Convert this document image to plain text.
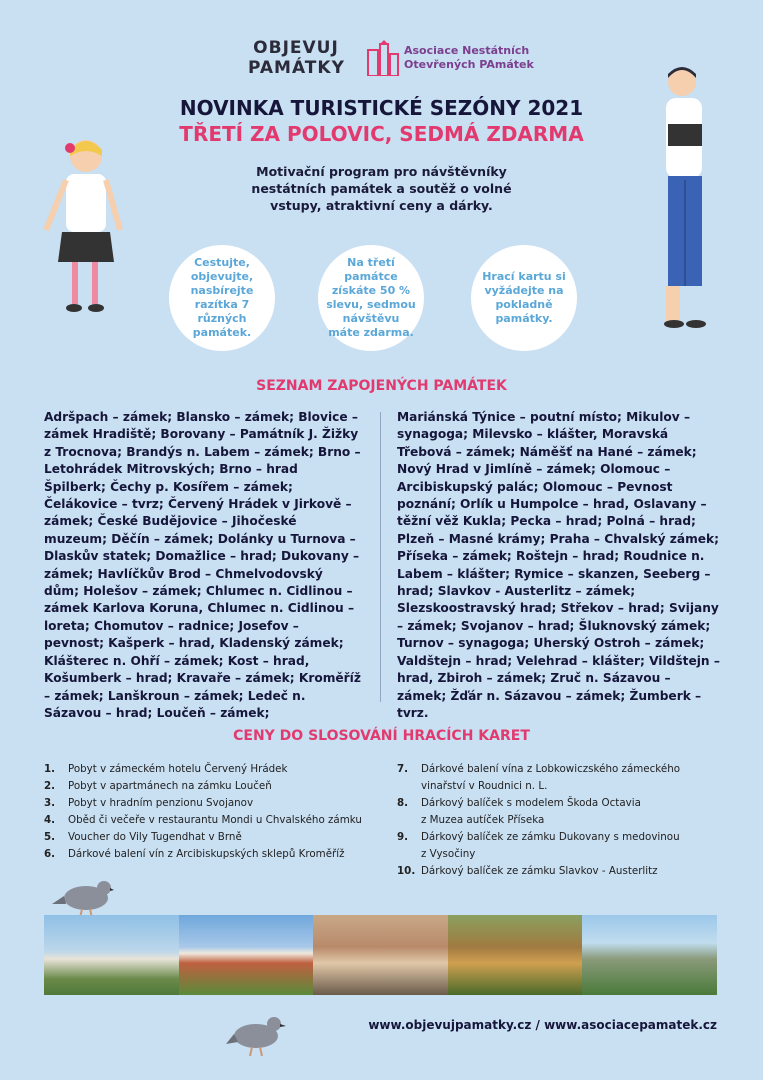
OBJEVUJ
PAMÁTKY
Asociace Nestátních
Otevřených PAmátek
NOVINKA TURISTICKÉ SEZÓNY 2021
TŘETÍ ZA POLOVIC, SEDMÁ ZDARMA
Motivační program pro návštěvníky nestátních památek a soutěž o volné vstupy, atraktivní ceny a dárky.
Cestujte, objevujte, nasbírejte razítka 7 různých památek.
Na třetí památce získáte 50 % slevu, sedmou návštěvu máte zdarma.
Hrací kartu si vyžádejte na pokladně památky.
SEZNAM ZAPOJENÝCH PAMÁTEK
Adršpach – zámek; Blansko – zámek; Blovice – zámek Hradiště; Borovany – Památník J. Žižky z Trocnova; Brandýs n. Labem – zámek; Brno – Letohrádek Mitrovských; Brno – hrad Špilberk; Čechy p. Kosířem – zámek; Čelákovice – tvrz; Červený Hrádek v Jirkově – zámek; České Budějovice – Jihočeské muzeum; Děčín – zámek; Dolánky u Turnova – Dlaskův statek; Domažlice – hrad; Dukovany – zámek; Havlíčkův Brod – Chmelvodovský dům; Holešov – zámek; Chlumec n. Cidlinou – zámek Karlova Koruna, Chlumec n. Cidlinou – loreta; Chomutov – radnice; Josefov – pevnost; Kašperk – hrad, Kladenský zámek; Klášterec n. Ohří – zámek; Kost – hrad, Košumberk – hrad; Kravaře – zámek; Kroměříž – zámek; Lanškroun – zámek; Ledeč n. Sázavou – hrad; Loučeň – zámek;
Mariánská Týnice – poutní místo; Mikulov – synagoga; Milevsko – klášter, Moravská Třebová – zámek; Náměšť na Hané – zámek; Nový Hrad v Jimlíně – zámek; Olomouc – Arcibiskupský palác; Olomouc – Pevnost poznání; Orlík u Humpolce – hrad, Oslavany – těžní věž Kukla; Pecka – hrad; Polná – hrad; Plzeň – Masné krámy; Praha – Chvalský zámek; Příseka – zámek; Roštejn – hrad; Roudnice n. Labem – klášter; Rymice – skanzen, Seeberg – hrad; Slavkov - Austerlitz – zámek; Slezskoostravský hrad; Střekov – hrad; Svijany – zámek; Svojanov – hrad; Šluknovský zámek; Turnov – synagoga; Uherský Ostroh – zámek; Valdštejn – hrad; Velehrad – klášter; Vildštejn – hrad, Zbiroh – zámek; Zruč n. Sázavou – zámek; Žďár n. Sázavou – zámek; Žumberk – tvrz.
CENY DO SLOSOVÁNÍ HRACÍCH KARET
1. Pobyt v zámeckém hotelu Červený Hrádek
2. Pobyt v apartmánech na zámku Loučeň
3. Pobyt v hradním penzionu Svojanov
4. Oběd či večeře v restaurantu Mondi u Chvalského zámku
5. Voucher do Vily Tugendhat v Brně
6. Dárkové balení vín z Arcibiskupských sklepů Kroměříž
7. Dárkové balení vína z Lobkowiczského zámeckého
vinařství v Roudnici n. L.
8. Dárkový balíček s modelem Škoda Octavia
z Muzea autíček Příseka
9. Dárkový balíček ze zámku Dukovany s medovinou
z Vysočiny
10. Dárkový balíček ze zámku Slavkov - Austerlitz
www.objevujpamatky.cz / www.asociacepamatek.cz
